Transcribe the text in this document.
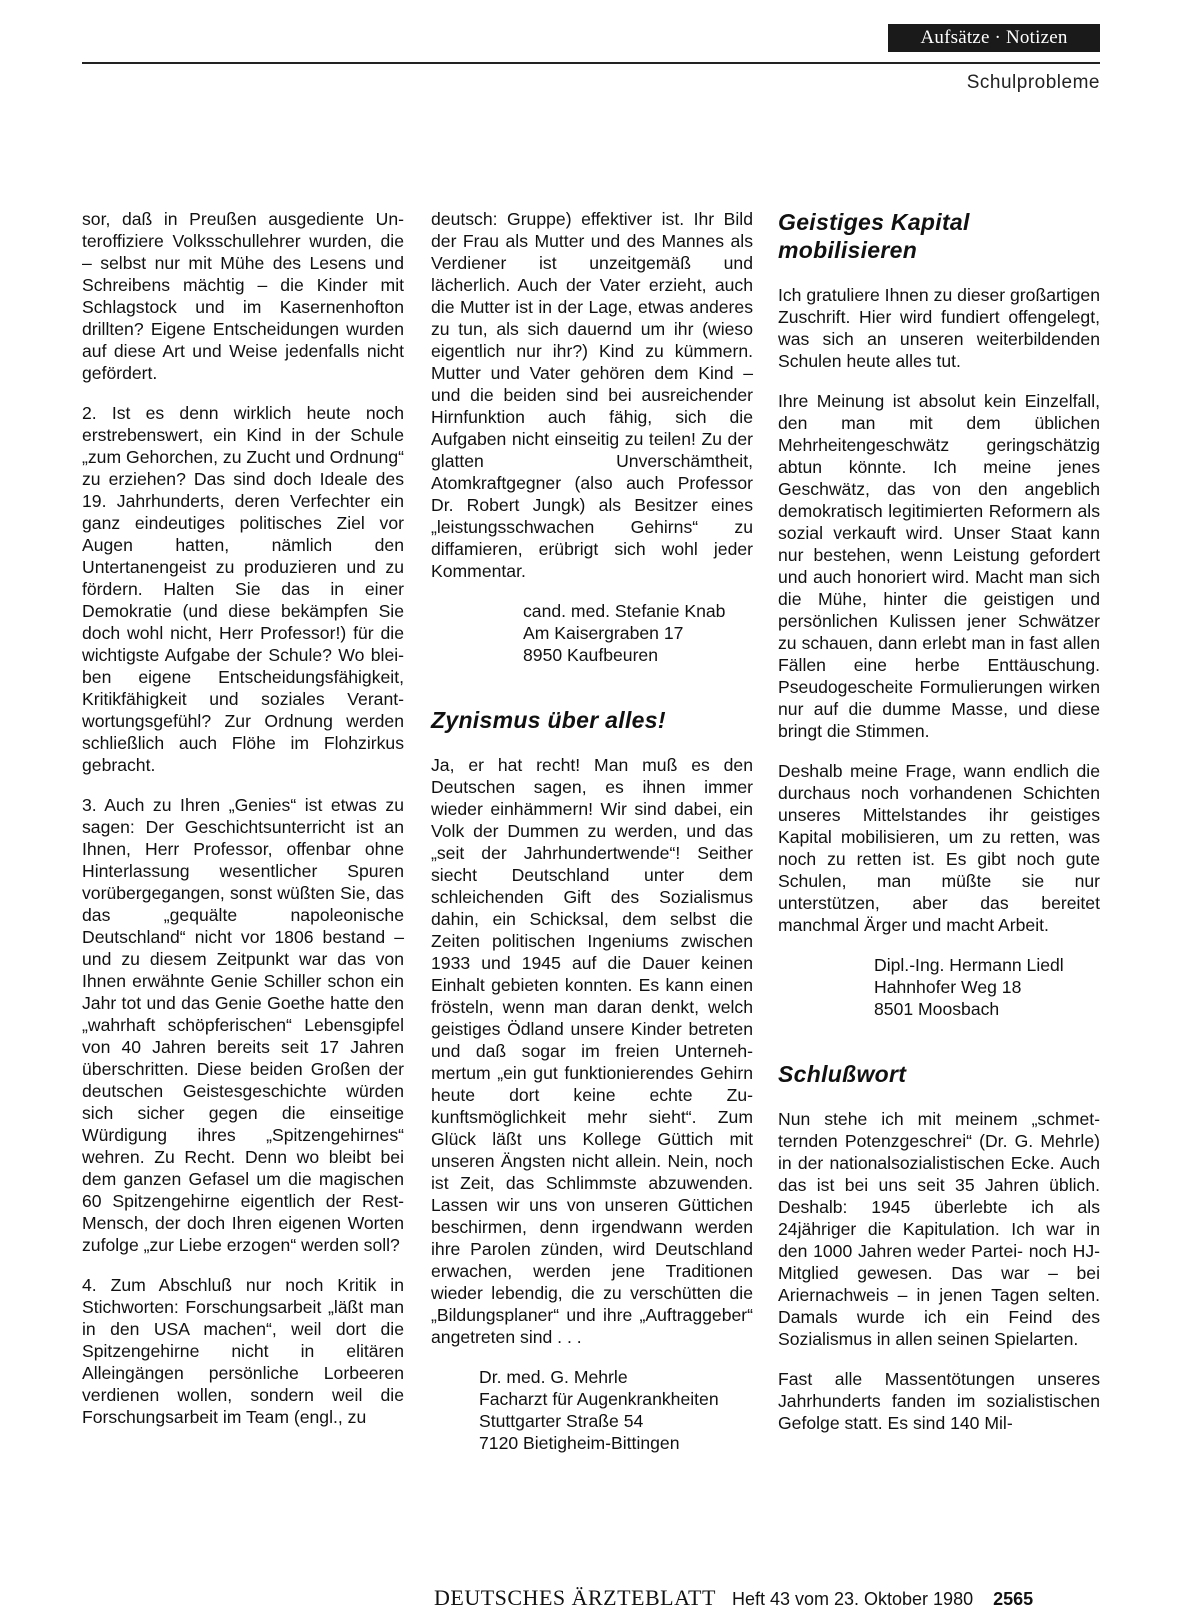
Aufsätze · Notizen
Schulprobleme

sor, daß in Preußen ausgediente Unteroffiziere Volksschullehrer wurden, die – selbst nur mit Mühe des Lesens und Schreibens mächtig – die Kinder mit Schlagstock und im Kasernenhofton drillten? Eigene Entscheidungen wurden auf diese Art und Weise jedenfalls nicht gefördert.

2. Ist es denn wirklich heute noch erstrebenswert, ein Kind in der Schule „zum Gehorchen, zu Zucht und Ordnung“ zu erziehen? Das sind doch Ideale des 19. Jahrhunderts, deren Verfechter ein ganz eindeutiges politisches Ziel vor Augen hatten, nämlich den Untertanengeist zu produzieren und zu fördern. Halten Sie das in einer Demokratie (und diese bekämpfen Sie doch wohl nicht, Herr Professor!) für die wichtigste Aufgabe der Schule? Wo bleiben eigene Entscheidungsfähigkeit, Kritikfähigkeit und soziales Verantwortungsgefühl? Zur Ordnung werden schließlich auch Flöhe im Flohzirkus gebracht.

3. Auch zu Ihren „Genies“ ist etwas zu sagen: Der Geschichtsunterricht ist an Ihnen, Herr Professor, offenbar ohne Hinterlassung wesentlicher Spuren vorübergegangen, sonst wüßten Sie, das das „gequälte napoleonische Deutschland“ nicht vor 1806 bestand – und zu diesem Zeitpunkt war das von Ihnen erwähnte Genie Schiller schon ein Jahr tot und das Genie Goethe hatte den „wahrhaft schöpferischen“ Lebensgipfel von 40 Jahren bereits seit 17 Jahren überschritten. Diese beiden Großen der deutschen Geistesgeschichte würden sich sicher gegen die einseitige Würdigung ihres „Spitzengehirnes“ wehren. Zu Recht. Denn wo bleibt bei dem ganzen Gefasel um die magischen 60 Spitzengehirne eigentlich der Rest-Mensch, der doch Ihren eigenen Worten zufolge „zur Liebe erzogen“ werden soll?

4. Zum Abschluß nur noch Kritik in Stichworten: Forschungsarbeit „läßt man in den USA machen“, weil dort die Spitzengehirne nicht in elitären Alleingängen persönliche Lorbeeren verdienen wollen, sondern weil die Forschungsarbeit im Team (engl., zu

deutsch: Gruppe) effektiver ist. Ihr Bild der Frau als Mutter und des Mannes als Verdiener ist unzeitgemäß und lächerlich. Auch der Vater erzieht, auch die Mutter ist in der Lage, etwas anderes zu tun, als sich dauernd um ihr (wieso eigentlich nur ihr?) Kind zu kümmern. Mutter und Vater gehören dem Kind – und die beiden sind bei ausreichender Hirnfunktion auch fähig, sich die Aufgaben nicht einseitig zu teilen! Zu der glatten Unverschämtheit, Atomkraftgegner (also auch Professor Dr. Robert Jungk) als Besitzer eines „leistungsschwachen Gehirns“ zu diffamieren, erübrigt sich wohl jeder Kommentar.

cand. med. Stefanie Knab
Am Kaisergraben 17
8950 Kaufbeuren
Zynismus über alles!

Ja, er hat recht! Man muß es den Deutschen sagen, es ihnen immer wieder einhämmern! Wir sind dabei, ein Volk der Dummen zu werden, und das „seit der Jahrhundertwende“! Seither siecht Deutschland unter dem schleichenden Gift des Sozialismus dahin, ein Schicksal, dem selbst die Zeiten politischen Ingeniums zwischen 1933 und 1945 auf die Dauer keinen Einhalt gebieten konnten. Es kann einen frösteln, wenn man daran denkt, welch geistiges Ödland unsere Kinder betreten und daß sogar im freien Unternehmertum „ein gut funktionierendes Gehirn heute dort keine echte Zukunftsmöglichkeit mehr sieht“. Zum Glück läßt uns Kollege Güttich mit unseren Ängsten nicht allein. Nein, noch ist Zeit, das Schlimmste abzuwenden. Lassen wir uns von unseren Güttichen beschirmen, denn irgendwann werden ihre Parolen zünden, wird Deutschland erwachen, werden jene Traditionen wieder lebendig, die zu verschütten die „Bildungsplaner“ und ihre „Auftraggeber“ angetreten sind . . .

Dr. med. G. Mehrle
Facharzt für Augenkrankheiten
Stuttgarter Straße 54
7120 Bietigheim-Bittingen
Geistiges Kapital mobilisieren

Ich gratuliere Ihnen zu dieser großartigen Zuschrift. Hier wird fundiert offengelegt, was sich an unseren weiterbildenden Schulen heute alles tut.

Ihre Meinung ist absolut kein Einzelfall, den man mit dem üblichen Mehrheitengeschwätz geringschätzig abtun könnte. Ich meine jenes Geschwätz, das von den angeblich demokratisch legitimierten Reformern als sozial verkauft wird. Unser Staat kann nur bestehen, wenn Leistung gefordert und auch honoriert wird. Macht man sich die Mühe, hinter die geistigen und persönlichen Kulissen jener Schwätzer zu schauen, dann erlebt man in fast allen Fällen eine herbe Enttäuschung. Pseudogescheite Formulierungen wirken nur auf die dumme Masse, und diese bringt die Stimmen.

Deshalb meine Frage, wann endlich die durchaus noch vorhandenen Schichten unseres Mittelstandes ihr geistiges Kapital mobilisieren, um zu retten, was noch zu retten ist. Es gibt noch gute Schulen, man müßte sie nur unterstützen, aber das bereitet manchmal Ärger und macht Arbeit.

Dipl.-Ing. Hermann Liedl
Hahnhofer Weg 18
8501 Moosbach
Schlußwort

Nun stehe ich mit meinem „schmetternden Potenzgeschrei“ (Dr. G. Mehrle) in der nationalsozialistischen Ecke. Auch das ist bei uns seit 35 Jahren üblich. Deshalb: 1945 überlebte ich als 24jähriger die Kapitulation. Ich war in den 1000 Jahren weder Partei- noch HJ-Mitglied gewesen. Das war – bei Ariernachweis – in jenen Tagen selten. Damals wurde ich ein Feind des Sozialismus in allen seinen Spielarten.

Fast alle Massentötungen unseres Jahrhunderts fanden im sozialistischen Gefolge statt. Es sind 140 Mil-

DEUTSCHES ÄRZTEBLATT Heft 43 vom 23. Oktober 1980 2565
